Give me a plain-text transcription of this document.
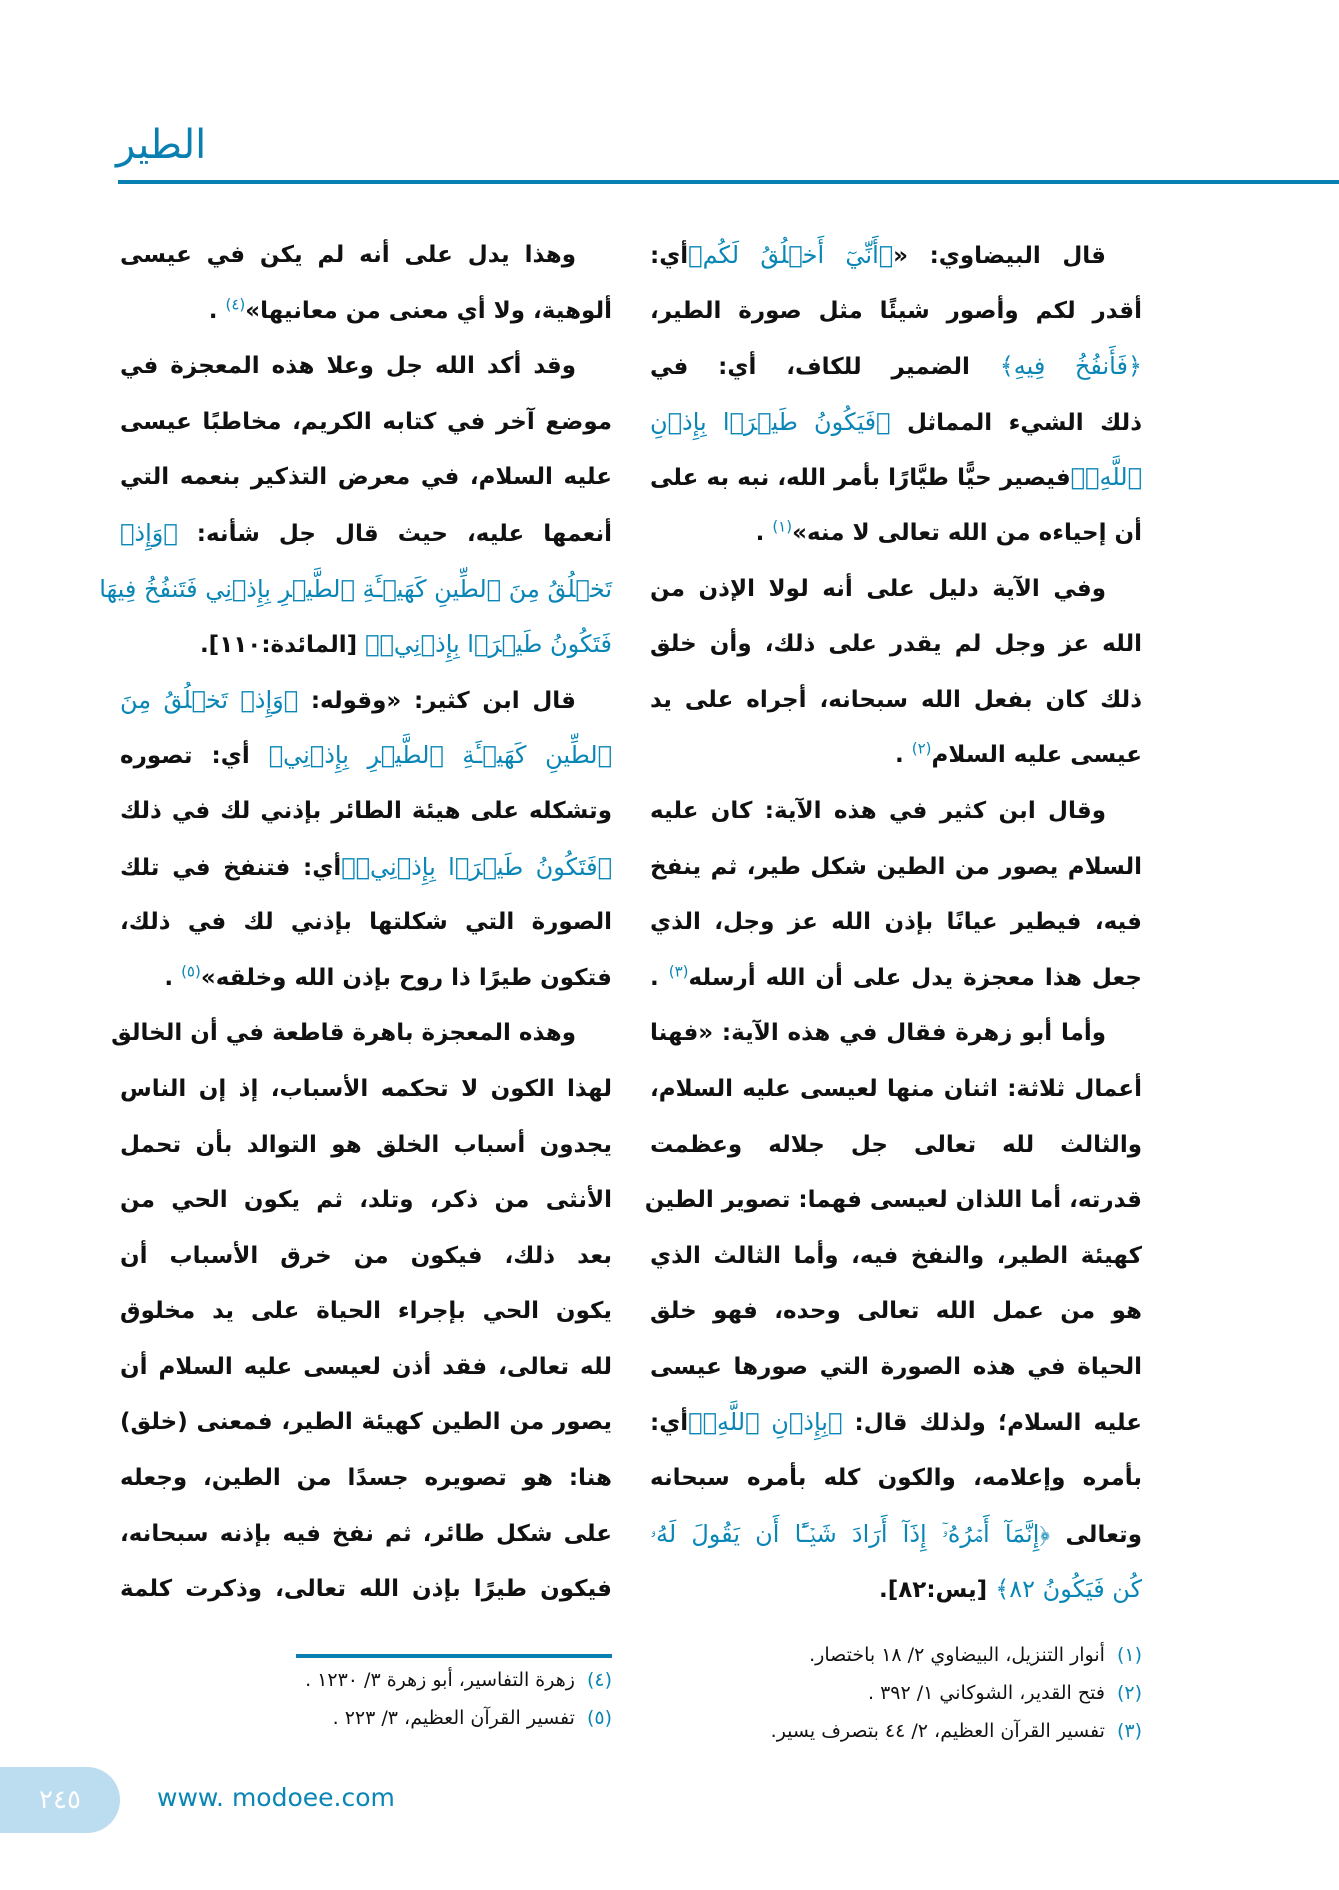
الطير
قال البيضاوي: «﴿أَنِّيٓ أَخۡلُقُ لَكُم﴾أي:
أقدر لكم وأصور شيئًا مثل صورة الطير،
﴿فَأَنفُخُ فِيهِ﴾ الضمير للكاف، أي: في
ذلك الشيء المماثل ﴿فَيَكُونُ طَيۡرَۢا بِإِذۡنِ
ٱللَّهِۖ﴾فيصير حيًّا طيَّارًا بأمر الله، نبه به على
أن إحياءه من الله تعالى لا منه»$^{(١)}$ .
وفي الآية دليل على أنه لولا الإذن من
الله عز وجل لم يقدر على ذلك، وأن خلق
ذلك كان بفعل الله سبحانه، أجراه على يد
عيسى عليه السلام$^{(٢)}$ .
وقال ابن كثير في هذه الآية: كان عليه
السلام يصور من الطين شكل طير، ثم ينفخ
فيه، فيطير عيانًا بإذن الله عز وجل، الذي
جعل هذا معجزة يدل على أن الله أرسله$^{(٣)}$ .
وأما أبو زهرة فقال في هذه الآية: «فهنا
أعمال ثلاثة: اثنان منها لعيسى عليه السلام،
والثالث لله تعالى جل جلاله وعظمت
قدرته، أما اللذان لعيسى فهما: تصوير الطين
كهيئة الطير، والنفخ فيه، وأما الثالث الذي
هو من عمل الله تعالى وحده، فهو خلق
الحياة في هذه الصورة التي صورها عيسى
عليه السلام؛ ولذلك قال: ﴿بِإِذۡنِ ٱللَّهِۖ﴾أي:
بأمره وإعلامه، والكون كله بأمره سبحانه
وتعالى ﴿إِنَّمَآ أَمۡرُهُۥٓ إِذَآ أَرَادَ شَيۡـًٔا أَن يَقُولَ لَهُۥ
كُن فَيَكُونُ ٨٢﴾ [يس:٨٢].
وهذا يدل على أنه لم يكن في عيسى
ألوهية، ولا أي معنى من معانيها»$^{(٤)}$ .
وقد أكد الله جل وعلا هذه المعجزة في
موضع آخر في كتابه الكريم، مخاطبًا عيسى
عليه السلام، في معرض التذكير بنعمه التي
أنعمها عليه، حيث قال جل شأنه: ﴿وَإِذۡ
تَخۡلُقُ مِنَ ٱلطِّينِ كَهَيۡـَٔةِ ٱلطَّيۡرِ بِإِذۡنِي فَتَنفُخُ فِيهَا
فَتَكُونُ طَيۡرَۢا بِإِذۡنِيۖ﴾ [المائدة:١١٠].
قال ابن كثير: «وقوله: ﴿وَإِذۡ تَخۡلُقُ مِنَ
ٱلطِّينِ كَهَيۡـَٔةِ ٱلطَّيۡرِ بِإِذۡنِي﴾ أي: تصوره
وتشكله على هيئة الطائر بإذني لك في ذلك
﴿فَتَكُونُ طَيۡرَۢا بِإِذۡنِيۖ﴾أي: فتنفخ في تلك
الصورة التي شكلتها بإذني لك في ذلك،
فتكون طيرًا ذا روح بإذن الله وخلقه»$^{(٥)}$ .
وهذه المعجزة باهرة قاطعة في أن الخالق
لهذا الكون لا تحكمه الأسباب، إذ إن الناس
يجدون أسباب الخلق هو التوالد بأن تحمل
الأنثى من ذكر، وتلد، ثم يكون الحي من
بعد ذلك، فيكون من خرق الأسباب أن
يكون الحي بإجراء الحياة على يد مخلوق
لله تعالى، فقد أذن لعيسى عليه السلام أن
يصور من الطين كهيئة الطير، فمعنى (خلق)
هنا: هو تصويره جسدًا من الطين، وجعله
على شكل طائر، ثم نفخ فيه بإذنه سبحانه،
فيكون طيرًا بإذن الله تعالى، وذكرت كلمة
(١)أنوار التنزيل، البيضاوي ٢/ ١٨ باختصار.
(٢)فتح القدير، الشوكاني ١/ ٣٩٢ .
(٣)تفسير القرآن العظيم، ٢/ ٤٤ بتصرف يسير.
(٤)زهرة التفاسير، أبو زهرة ٣/ ١٢٣٠ .
(٥)تفسير القرآن العظيم، ٣/ ٢٢٣ .
٢٤٥	www. modoee.com
